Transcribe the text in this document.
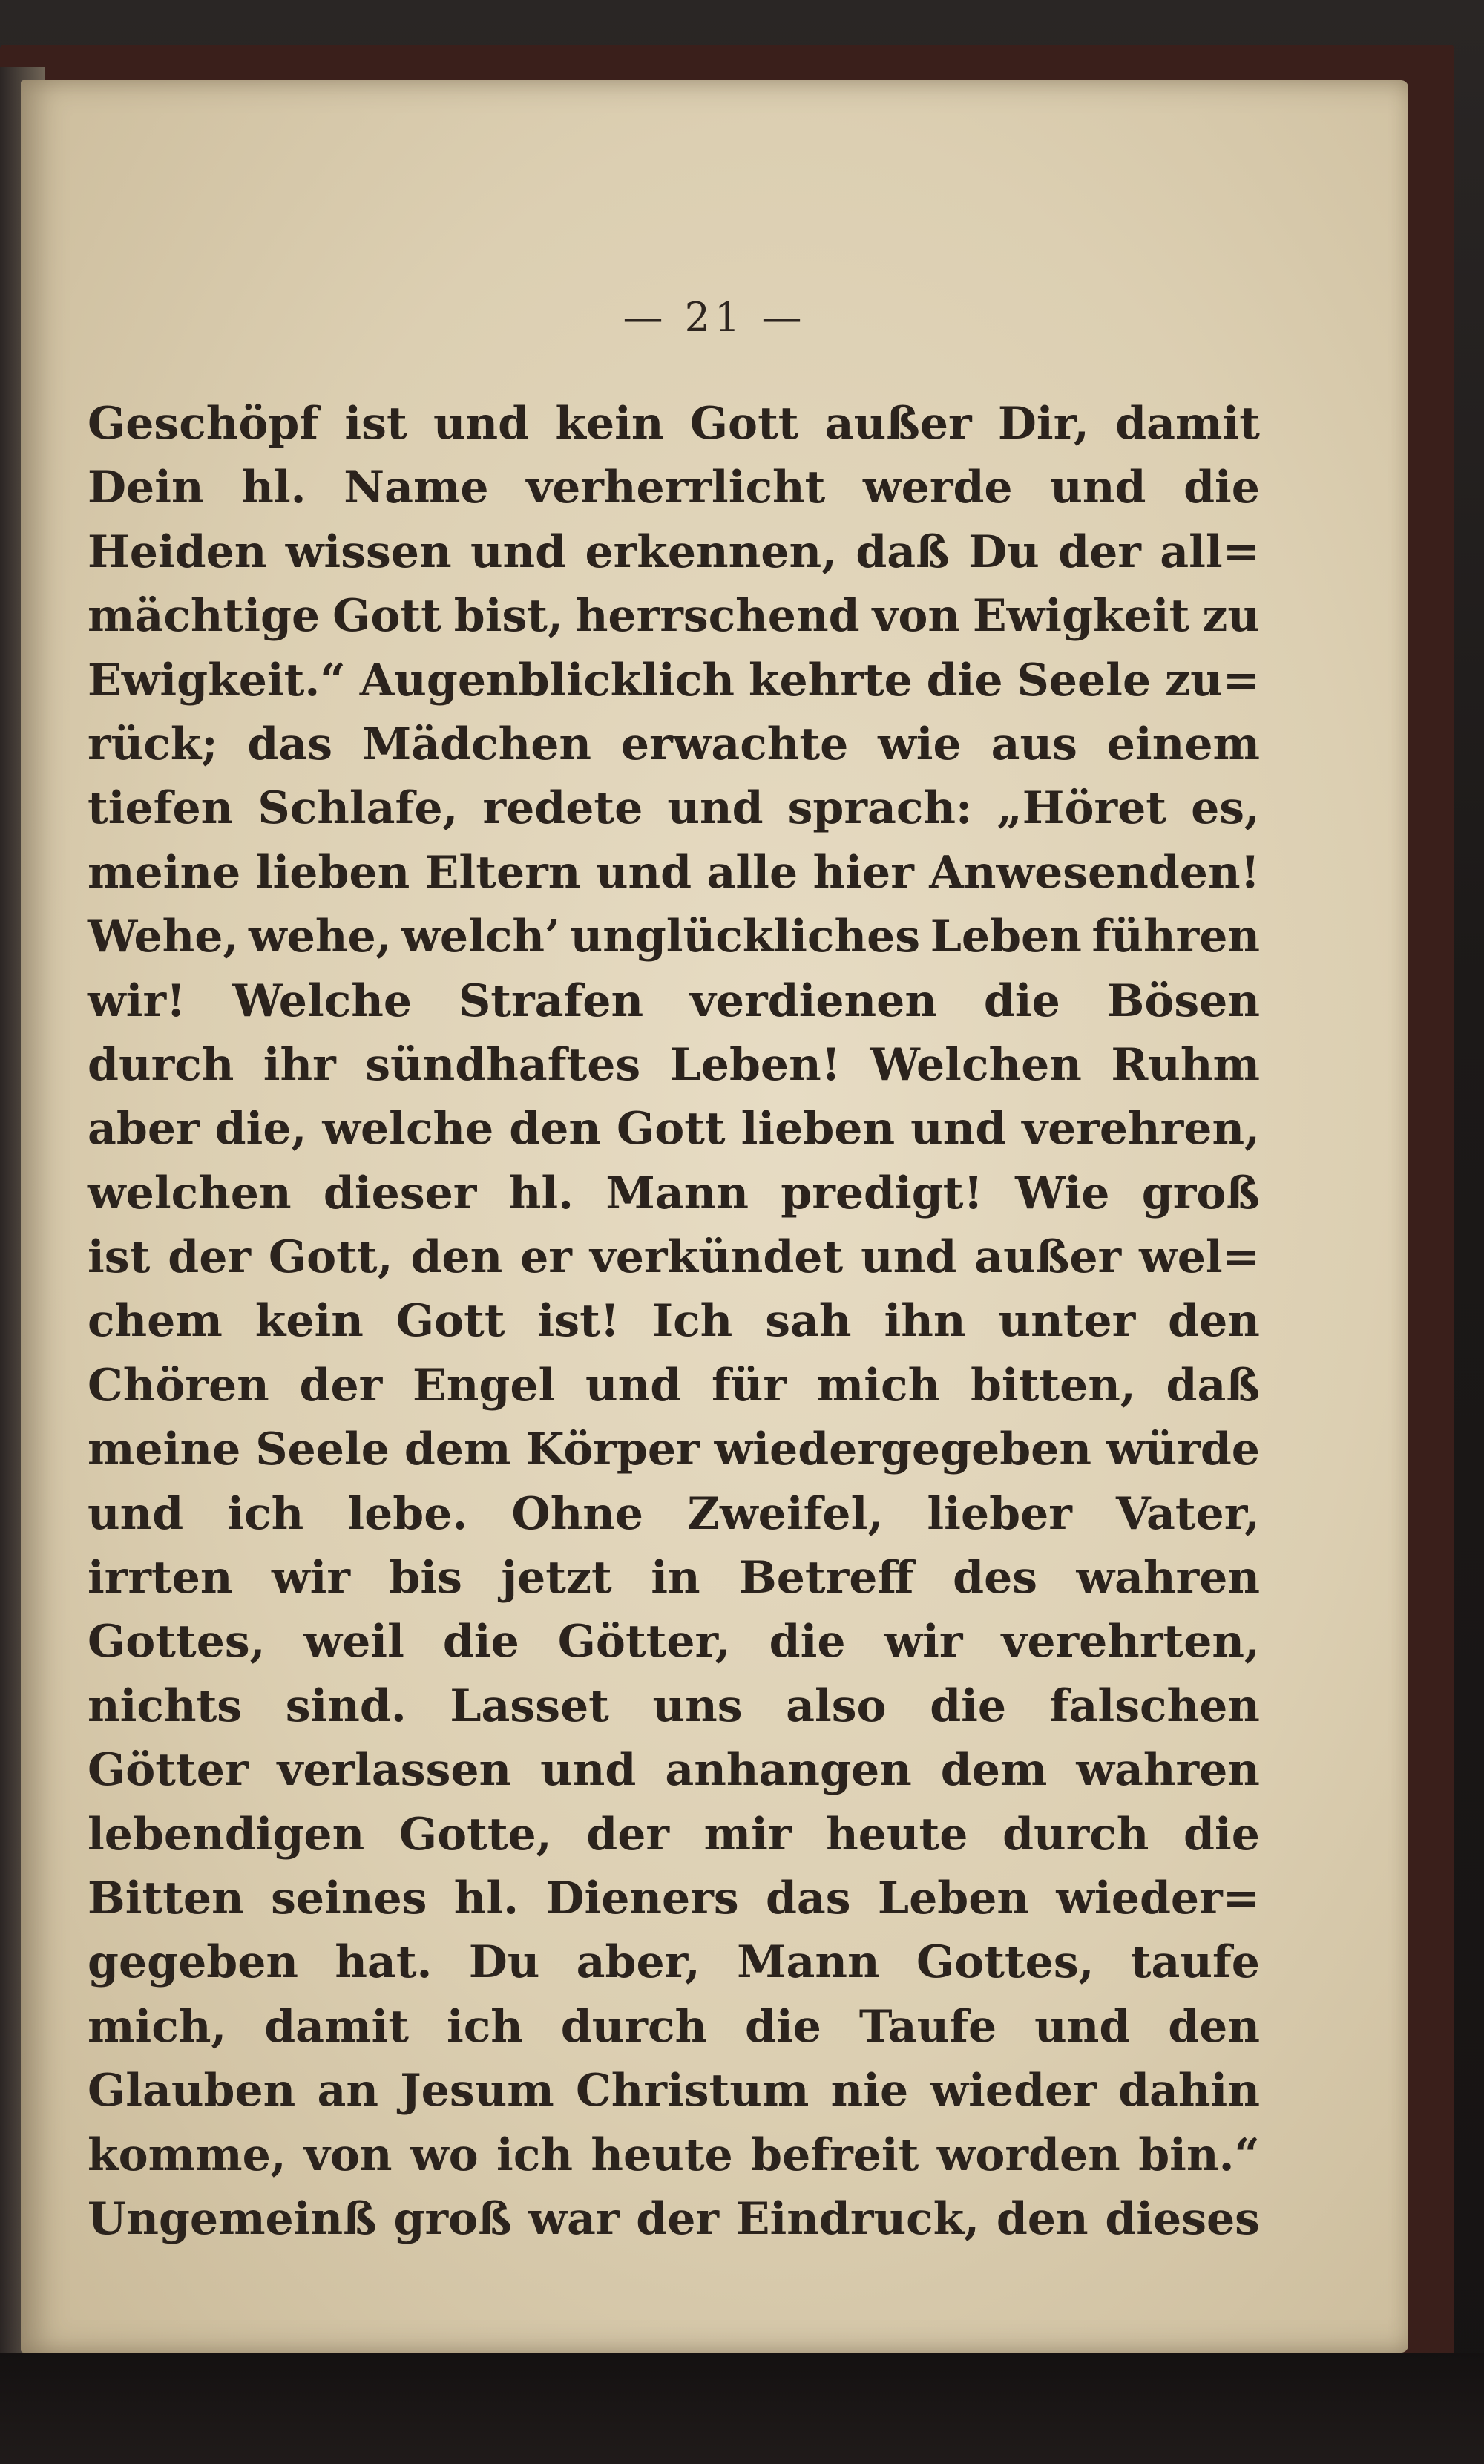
— 21 —
Geschöpf ist und kein Gott außer Dir, damit
Dein hl. Name verherrlicht werde und die
Heiden wissen und erkennen, daß Du der all=
mächtige Gott bist, herrschend von Ewigkeit zu
Ewigkeit.“ Augenblicklich kehrte die Seele zu=
rück; das Mädchen erwachte wie aus einem
tiefen Schlafe, redete und sprach: „Höret es,
meine lieben Eltern und alle hier Anwesenden!
Wehe, wehe, welch’ unglückliches Leben führen
wir! Welche Strafen verdienen die Bösen
durch ihr sündhaftes Leben! Welchen Ruhm
aber die, welche den Gott lieben und verehren,
welchen dieser hl. Mann predigt! Wie groß
ist der Gott, den er verkündet und außer wel=
chem kein Gott ist! Ich sah ihn unter den
Chören der Engel und für mich bitten, daß
meine Seele dem Körper wiedergegeben würde
und ich lebe. Ohne Zweifel, lieber Vater,
irrten wir bis jetzt in Betreff des wahren
Gottes, weil die Götter, die wir verehrten,
nichts sind. Lasset uns also die falschen
Götter verlassen und anhangen dem wahren
lebendigen Gotte, der mir heute durch die
Bitten seines hl. Dieners das Leben wieder=
gegeben hat. Du aber, Mann Gottes, taufe
mich, damit ich durch die Taufe und den
Glauben an Jesum Christum nie wieder dahin
komme, von wo ich heute befreit worden bin.“
Ungemeinß groß war der Eindruck, den dieses
